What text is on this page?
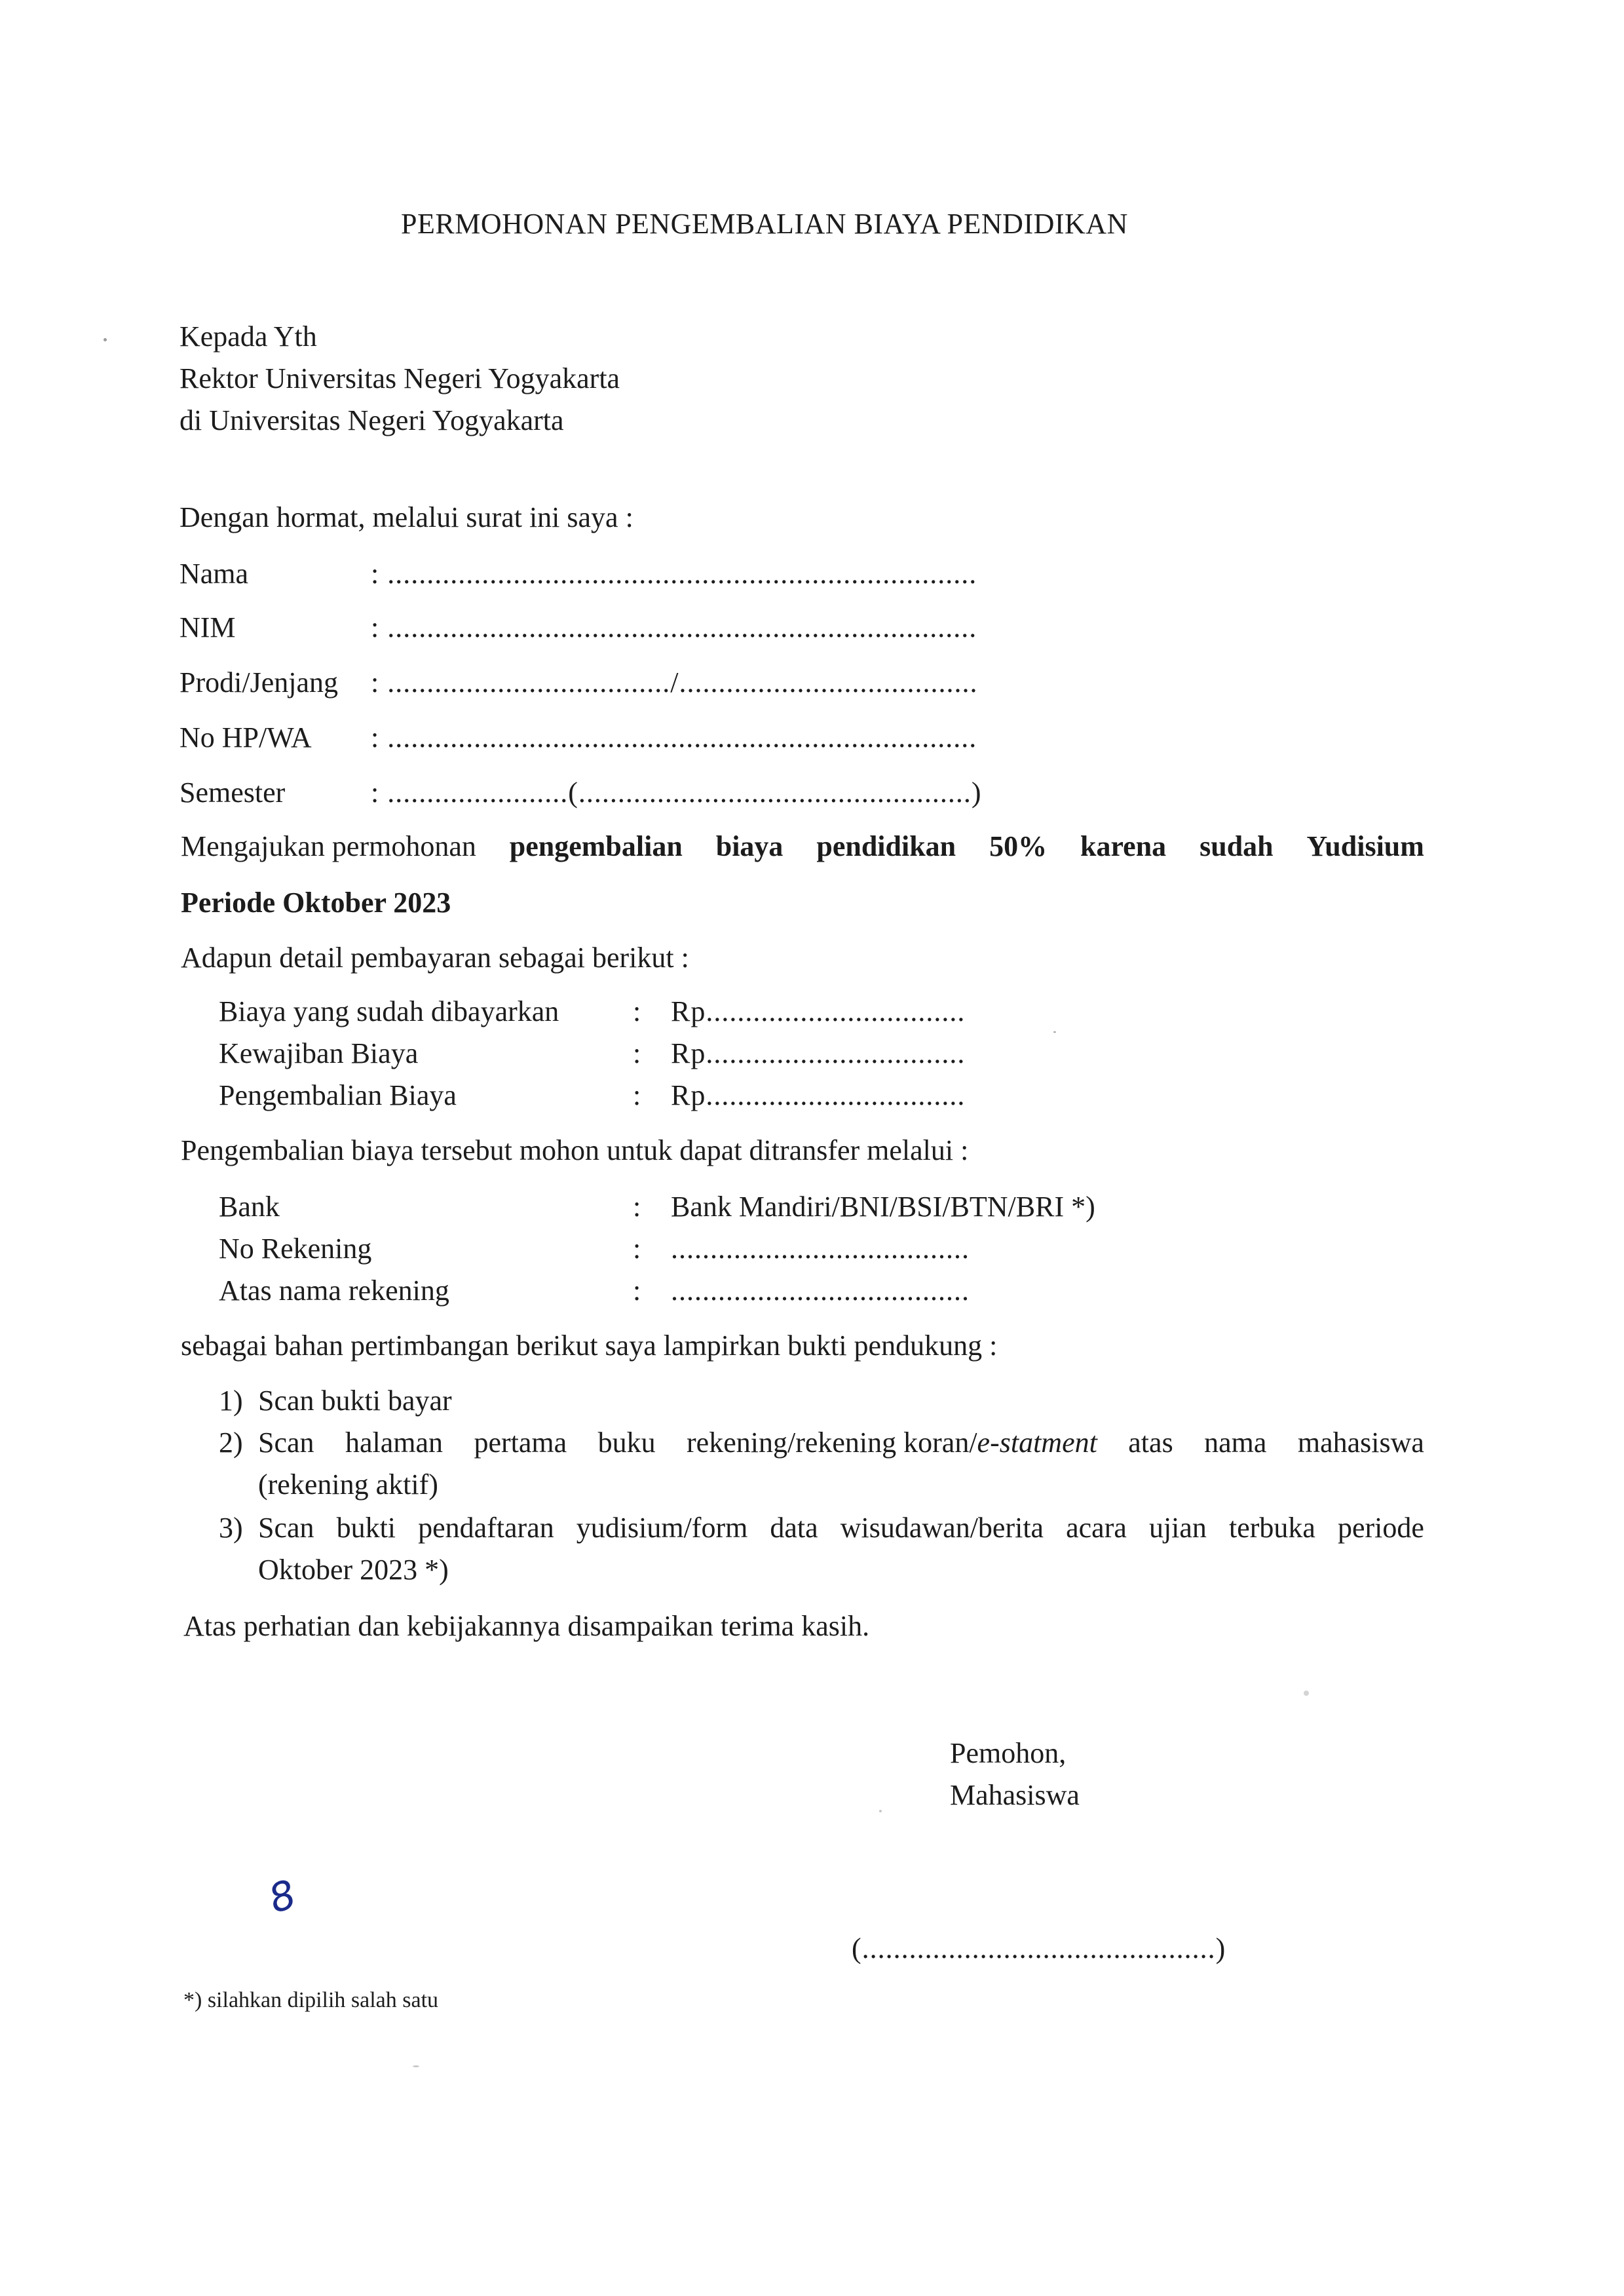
PERMOHONAN PENGEMBALIAN BIAYA PENDIDIKAN
Kepada Yth
Rektor Universitas Negeri Yogyakarta
di Universitas Negeri Yogyakarta
Dengan hormat, melalui surat ini saya :
Nama	: ...........................................................................
NIM	: ...........................................................................
Prodi/Jenjang : ..................................../......................................
No HP/WA : ...........................................................................
Semester	: .......................(..................................................)
Mengajukan permohonan pengembalian biaya pendidikan 50% karena sudah Yudisium
Periode Oktober 2023
Adapun detail pembayaran sebagai berikut :
Biaya yang sudah dibayarkan	: Rp.................................
Kewajiban Biaya	: Rp.................................
Pengembalian Biaya	: Rp.................................
Pengembalian biaya tersebut mohon untuk dapat ditransfer melalui :
Bank	: Bank Mandiri/BNI/BSI/BTN/BRI *)
No Rekening	: ......................................
Atas nama rekening	: ......................................
sebagai bahan pertimbangan berikut saya lampirkan bukti pendukung :
1) Scan bukti bayar
2) Scan halaman pertama buku rekening/rekening koran/e-statment atas nama mahasiswa
(rekening aktif)
3) Scan bukti pendaftaran yudisium/form data wisudawan/berita acara ujian terbuka periode
Oktober 2023 *)
Atas perhatian dan kebijakannya disampaikan terima kasih.
Pemohon,
Mahasiswa
(.............................................)
8
*) silahkan dipilih salah satu
